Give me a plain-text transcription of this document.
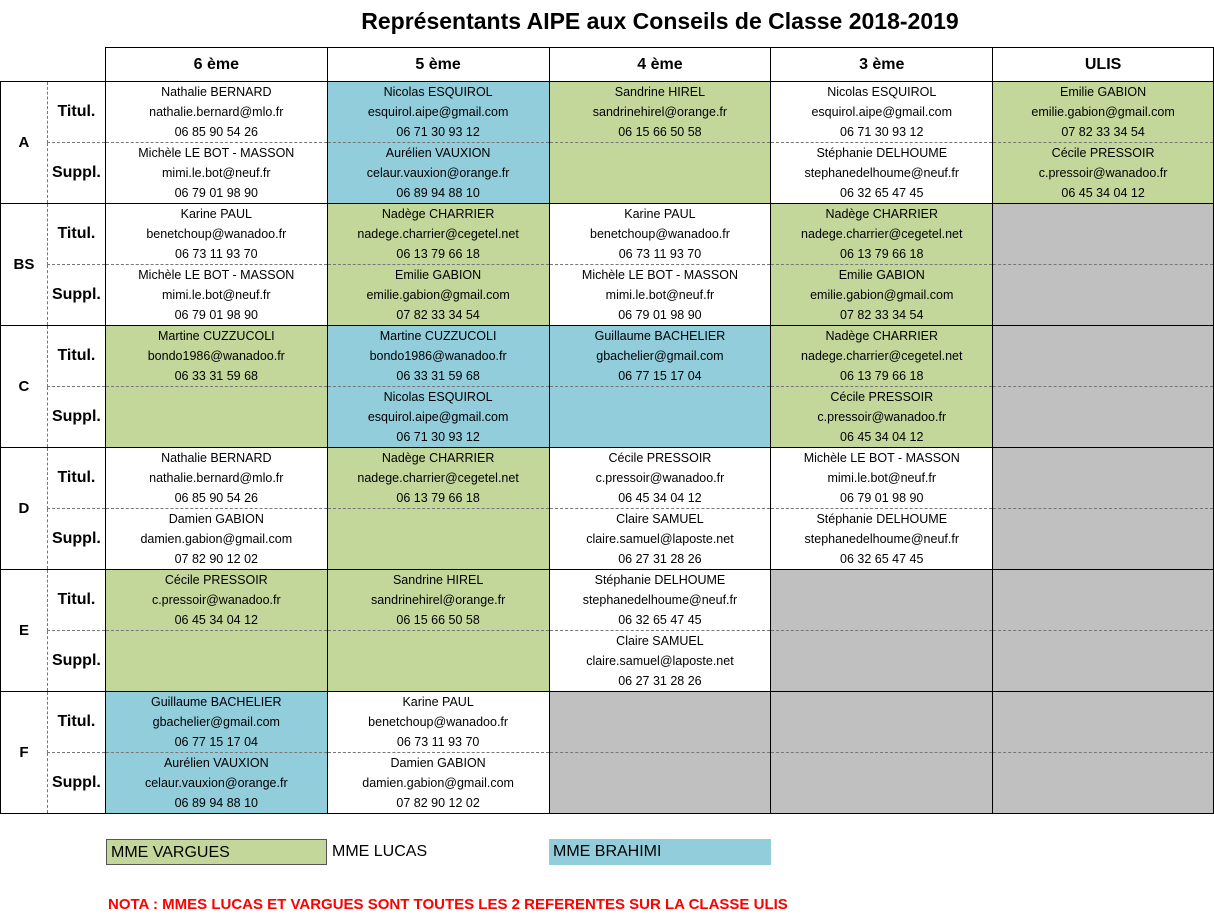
Représentants AIPE aux Conseils de Classe 2018-2019
		6 ème	5 ème	4 ème	3 ème	ULIS
A	Titul.	Nathalie BERNARD
nathalie.bernard@mlo.fr
06 85 90 54 26	Nicolas ESQUIROL
esquirol.aipe@gmail.com
06 71 30 93 12	Sandrine HIREL
sandrinehirel@orange.fr
06 15 66 50 58	Nicolas ESQUIROL
esquirol.aipe@gmail.com
06 71 30 93 12	Emilie GABION
emilie.gabion@gmail.com
07 82 33 34 54

	Suppl.	Michèle LE BOT - MASSON
mimi.le.bot@neuf.fr
06 79 01 98 90	Aurélien VAUXION
celaur.vauxion@orange.fr
06 89 94 88 10		Stéphanie DELHOUME
stephanedelhoume@neuf.fr
06 32 65 47 45	Cécile PRESSOIR
c.pressoir@wanadoo.fr
06 45 34 04 12

BS	Titul.	Karine PAUL
benetchoup@wanadoo.fr
06 73 11 93 70	Nadège CHARRIER
nadege.charrier@cegetel.net
06 13 79 66 18	Karine PAUL
benetchoup@wanadoo.fr
06 73 11 93 70	Nadège CHARRIER
nadege.charrier@cegetel.net
06 13 79 66 18	

	Suppl.	Michèle LE BOT - MASSON
mimi.le.bot@neuf.fr
06 79 01 98 90	Emilie GABION
emilie.gabion@gmail.com
07 82 33 34 54	Michèle LE BOT - MASSON
mimi.le.bot@neuf.fr
06 79 01 98 90	Emilie GABION
emilie.gabion@gmail.com
07 82 33 34 54	

C	Titul.	Martine CUZZUCOLI
bondo1986@wanadoo.fr
06 33 31 59 68	Martine CUZZUCOLI
bondo1986@wanadoo.fr
06 33 31 59 68	Guillaume BACHELIER
gbachelier@gmail.com
06 77 15 17 04	Nadège CHARRIER
nadege.charrier@cegetel.net
06 13 79 66 18	

	Suppl.		Nicolas ESQUIROL
esquirol.aipe@gmail.com
06 71 30 93 12		Cécile PRESSOIR
c.pressoir@wanadoo.fr
06 45 34 04 12	

D	Titul.	Nathalie BERNARD
nathalie.bernard@mlo.fr
06 85 90 54 26	Nadège CHARRIER
nadege.charrier@cegetel.net
06 13 79 66 18	Cécile PRESSOIR
c.pressoir@wanadoo.fr
06 45 34 04 12	Michèle LE BOT - MASSON
mimi.le.bot@neuf.fr
06 79 01 98 90	

	Suppl.	Damien GABION
damien.gabion@gmail.com
07 82 90 12 02		Claire SAMUEL
claire.samuel@laposte.net
06 27 31 28 26	Stéphanie DELHOUME
stephanedelhoume@neuf.fr
06 32 65 47 45	

E	Titul.	Cécile PRESSOIR
c.pressoir@wanadoo.fr
06 45 34 04 12	Sandrine HIREL
sandrinehirel@orange.fr
06 15 66 50 58	Stéphanie DELHOUME
stephanedelhoume@neuf.fr
06 32 65 47 45		

	Suppl.			Claire SAMUEL
claire.samuel@laposte.net
06 27 31 28 26		

F	Titul.	Guillaume BACHELIER
gbachelier@gmail.com
06 77 15 17 04	Karine PAUL
benetchoup@wanadoo.fr
06 73 11 93 70			

	Suppl.	Aurélien VAUXION
celaur.vauxion@orange.fr
06 89 94 88 10	Damien GABION
damien.gabion@gmail.com
07 82 90 12 02			

MME VARGUES	MME LUCAS	MME BRAHIMI
NOTA : MMES LUCAS ET VARGUES SONT TOUTES LES 2 REFERENTES SUR LA CLASSE ULIS
